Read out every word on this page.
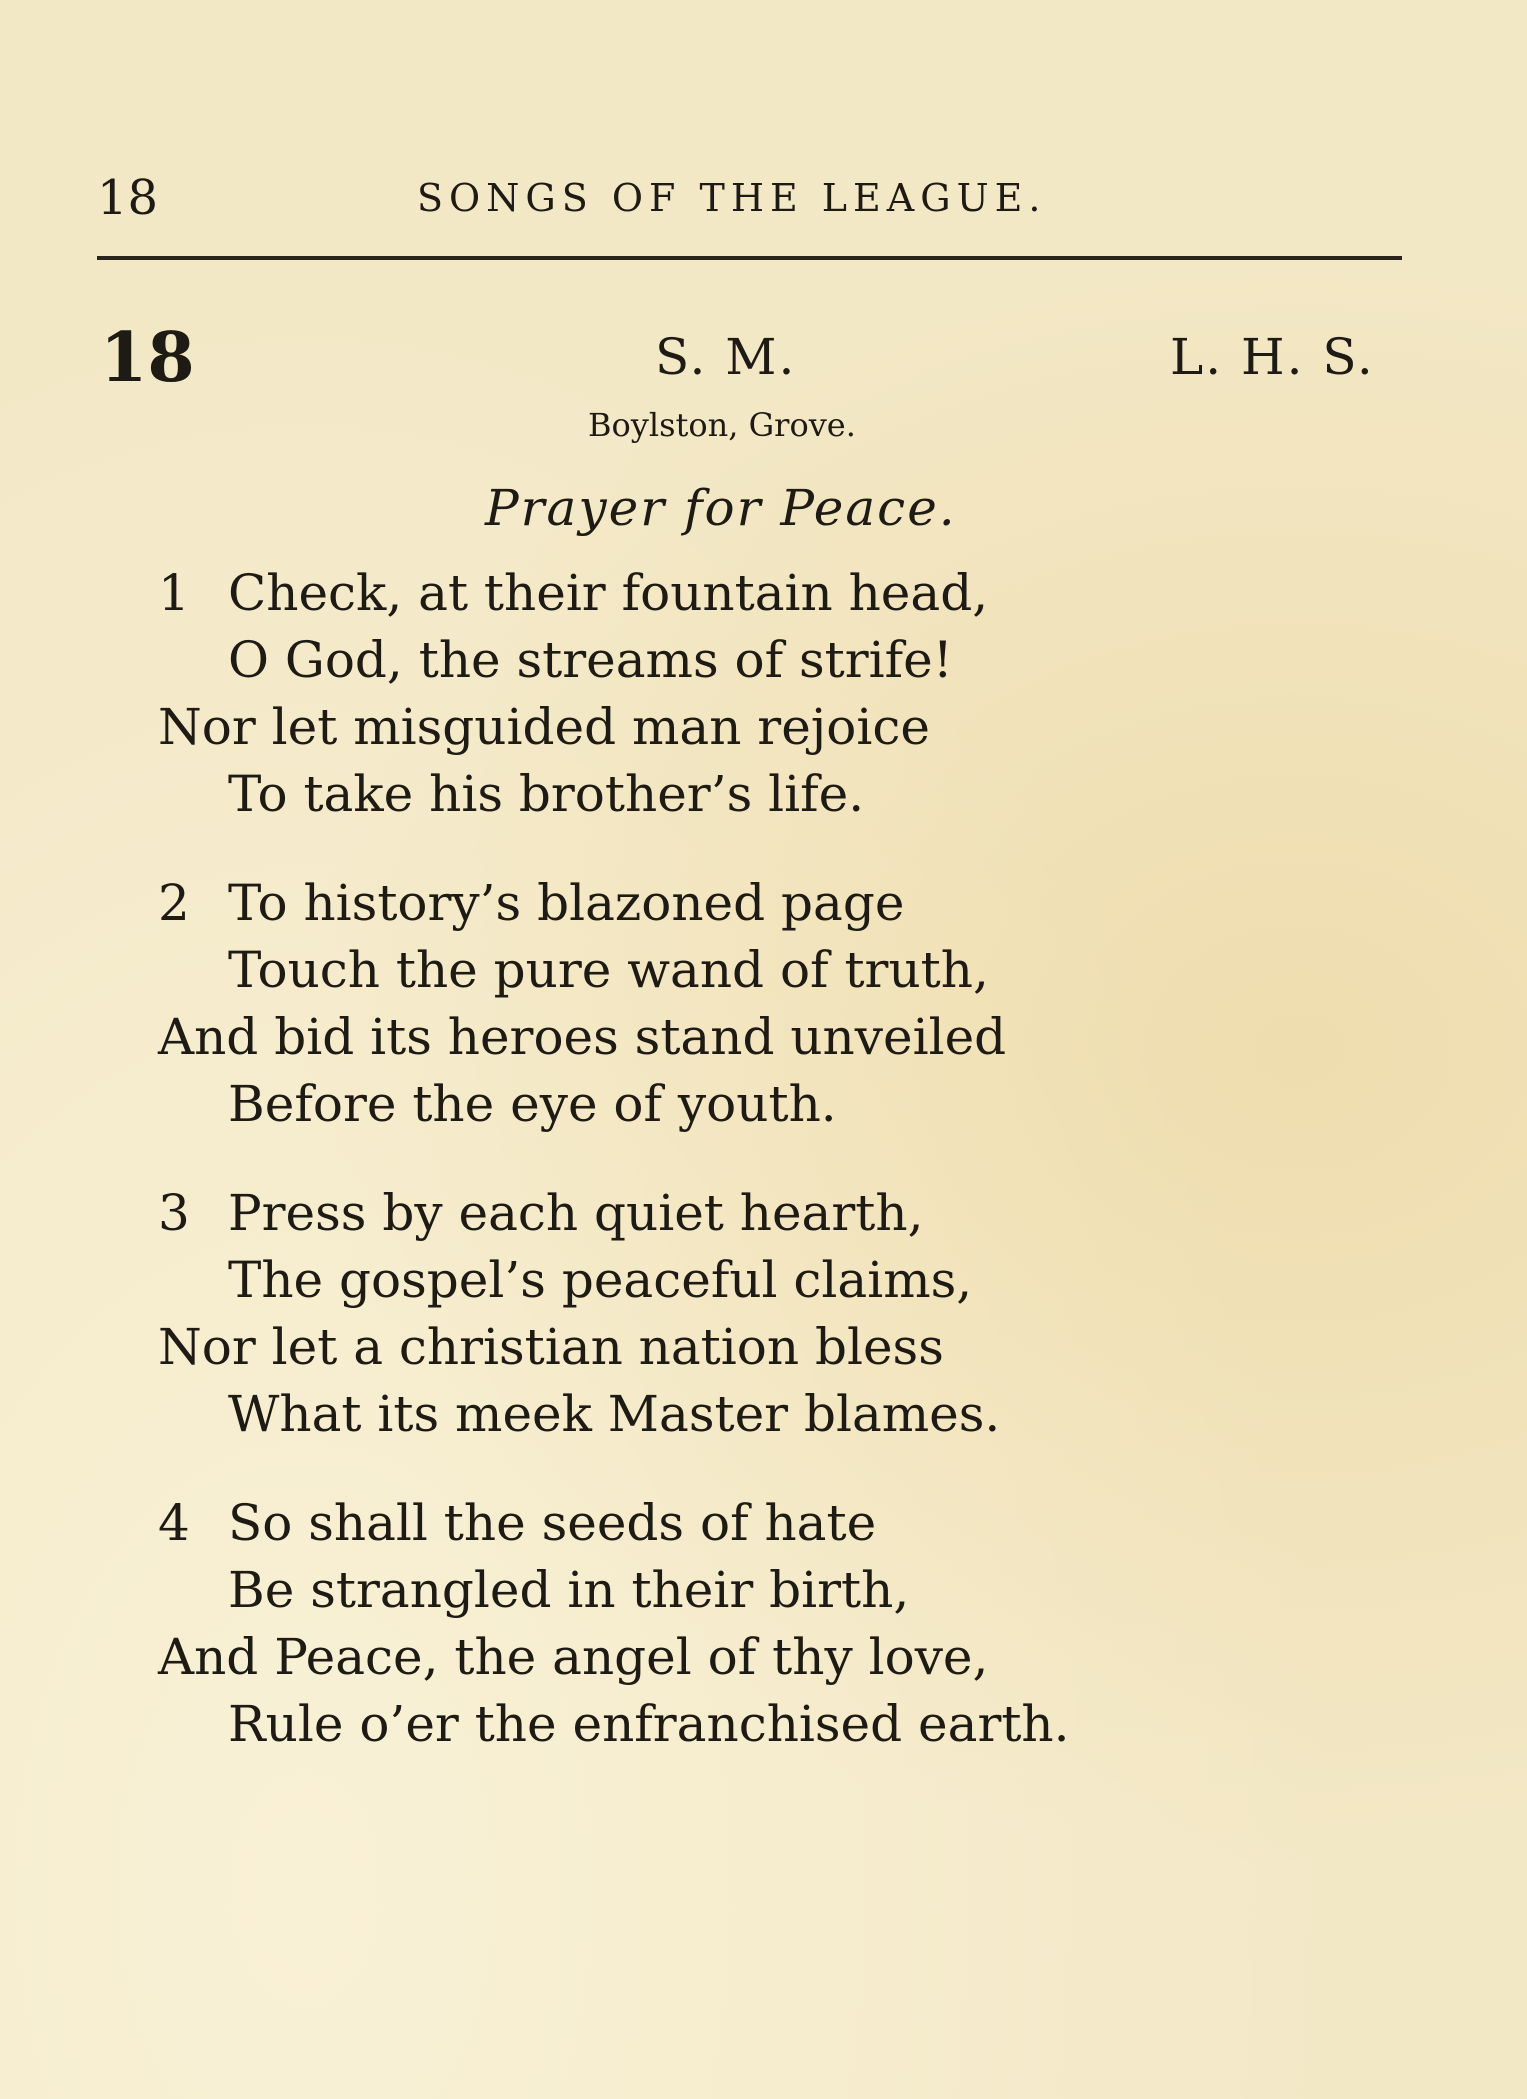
18	SONGS OF THE LEAGUE.
18	S. M.	L. H. S.
Boylston, Grove.
Prayer for Peace.
1 Check, at their fountain head,
O God, the streams of strife!
Nor let misguided man rejoice
To take his brother’s life.
2 To history’s blazoned page
Touch the pure wand of truth,
And bid its heroes stand unveiled
Before the eye of youth.
3 Press by each quiet hearth,
The gospel’s peaceful claims,
Nor let a christian nation bless
What its meek Master blames.
4 So shall the seeds of hate
Be strangled in their birth,
And Peace, the angel of thy love,
Rule o’er the enfranchised earth.
